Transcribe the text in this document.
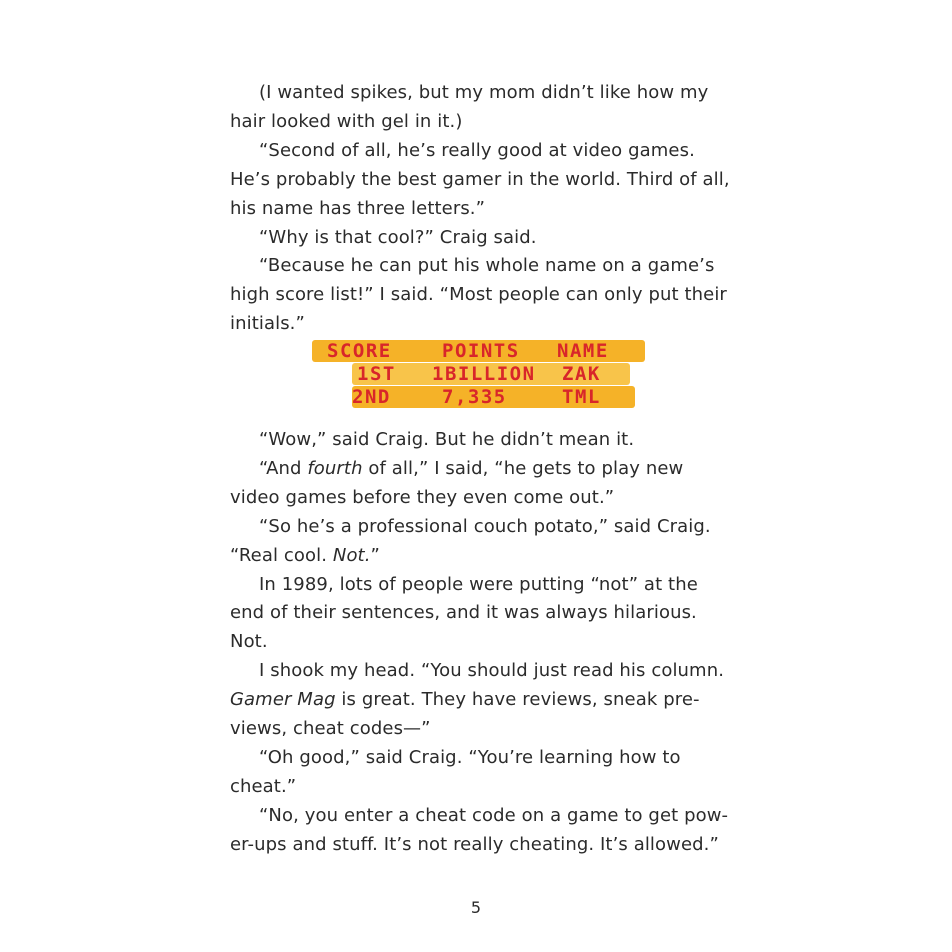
(I wanted spikes, but my mom didn’t like how my hair looked with gel in it.)

“Second of all, he’s really good at video games. He’s probably the best gamer in the world. Third of all, his name has three letters.”

“Why is that cool?” Craig said.

“Because he can put his whole name on a game’s high score list!” I said. “Most people can only put their initials.”

SCORE	POINTS NAME
1ST 1BILLION ZAK
2ND	7,335	TML

“Wow,” said Craig. But he didn’t mean it.

“And fourth of all,” I said, “he gets to play new video games before they even come out.”

“So he’s a professional couch potato,” said Craig. “Real cool. Not.”

In 1989, lots of people were putting “not” at the end of their sentences, and it was always hilarious. Not.

I shook my head. “You should just read his column. Gamer Mag is great. They have reviews, sneak pre-views, cheat codes—”

“Oh good,” said Craig. “You’re learning how to cheat.”

“No, you enter a cheat code on a game to get pow-er-ups and stuff. It’s not really cheating. It’s allowed.”

5
